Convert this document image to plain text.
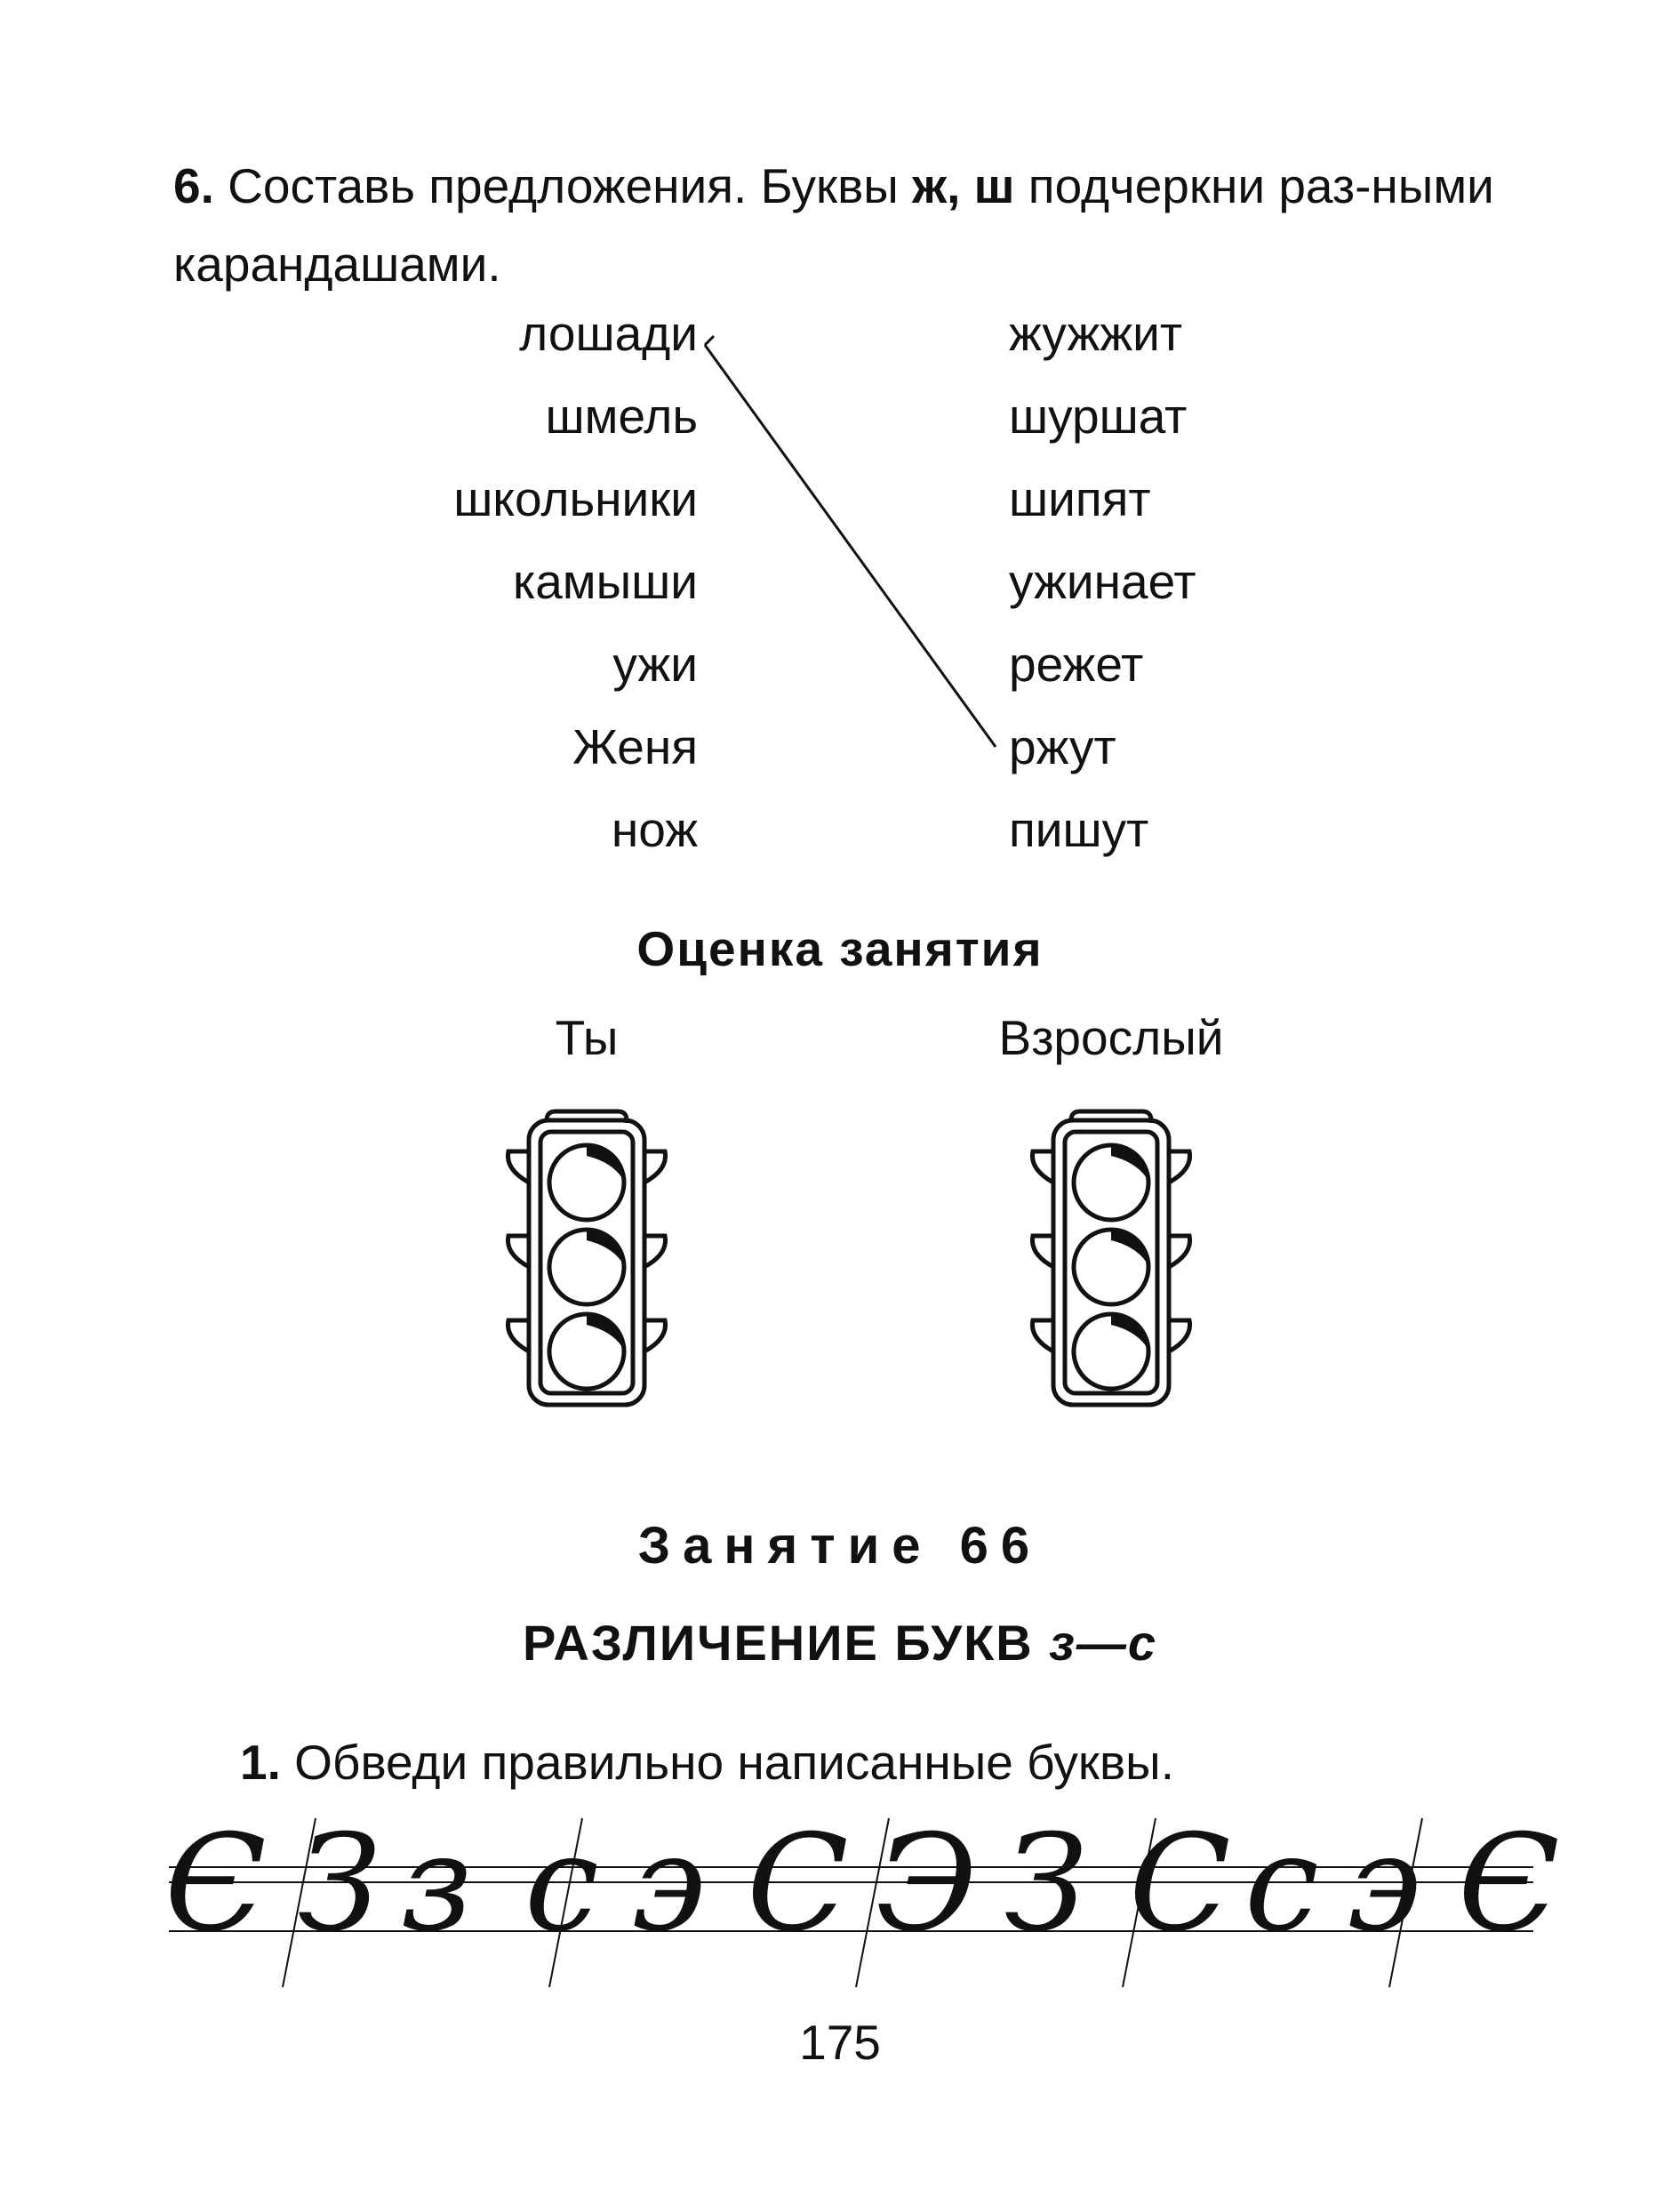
6. Составь предложения. Буквы ж, ш подчеркни раз-ными карандашами.
лошади
шмель
школьники
камыши
ужи
Женя
нож
жужжит
шуршат
шипят
ужинает
режет
ржут
пишут
Оценка занятия
Ты	Взрослый
Занятие 66
РАЗЛИЧЕНИЕ БУКВ з—с
1. Обведи правильно написанные буквы.
Є З з с э С Э З С с э Є
175
